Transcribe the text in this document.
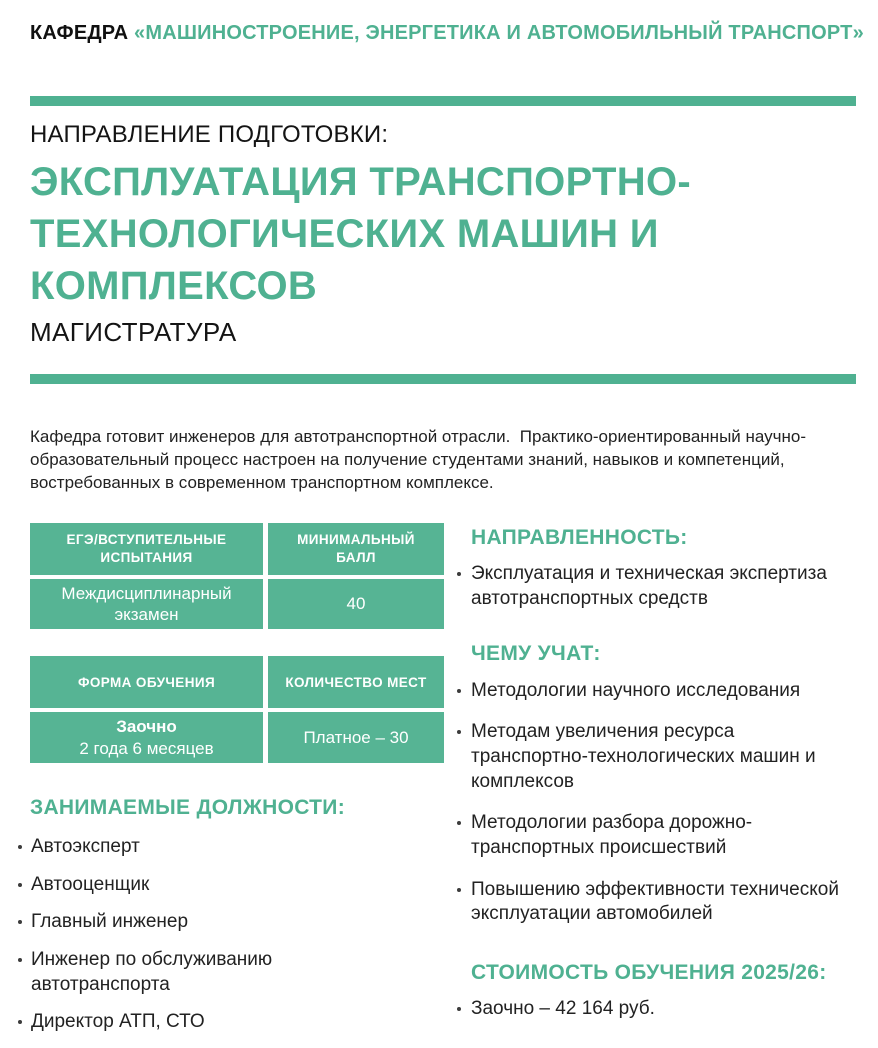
КАФЕДРА «МАШИНОСТРОЕНИЕ, ЭНЕРГЕТИКА И АВТОМОБИЛЬНЫЙ ТРАНСПОРТ»
НАПРАВЛЕНИЕ ПОДГОТОВКИ:
ЭКСПЛУАТАЦИЯ ТРАНСПОРТНО-
ТЕХНОЛОГИЧЕСКИХ МАШИН И
КОМПЛЕКСОВ
МАГИСТРАТУРА
Кафедра готовит инженеров для автотранспортной отрасли.  Практико-ориентированный научно-образовательный процесс настроен на получение студентами знаний, навыков и компетенций, востребованных в современном транспортном комплексе.
ЕГЭ/ВСТУПИТЕЛЬНЫЕ ИСПЫТАНИЯ
МИНИМАЛЬНЫЙ БАЛЛ
Междисциплинарный экзамен
40
ФОРМА ОБУЧЕНИЯ	КОЛИЧЕСТВО МЕСТ
Заочно
2 года 6 месяцев
Платное – 30
ЗАНИМАЕМЫЕ ДОЛЖНОСТИ:
Автоэксперт
Автооценщик
Главный инженер
Инженер по обслуживанию автотранспорта
Директор АТП, СТО
НАПРАВЛЕННОСТЬ:
Эксплуатация и техническая экспертиза автотранспортных средств
ЧЕМУ УЧАТ:
Методологии научного исследования
Методам увеличения ресурса транспортно-технологических машин и комплексов
Методологии разбора дорожно-транспортных происшествий
Повышению эффективности технической эксплуатации автомобилей
СТОИМОСТЬ ОБУЧЕНИЯ 2025/26:
Заочно – 42 164 руб.
